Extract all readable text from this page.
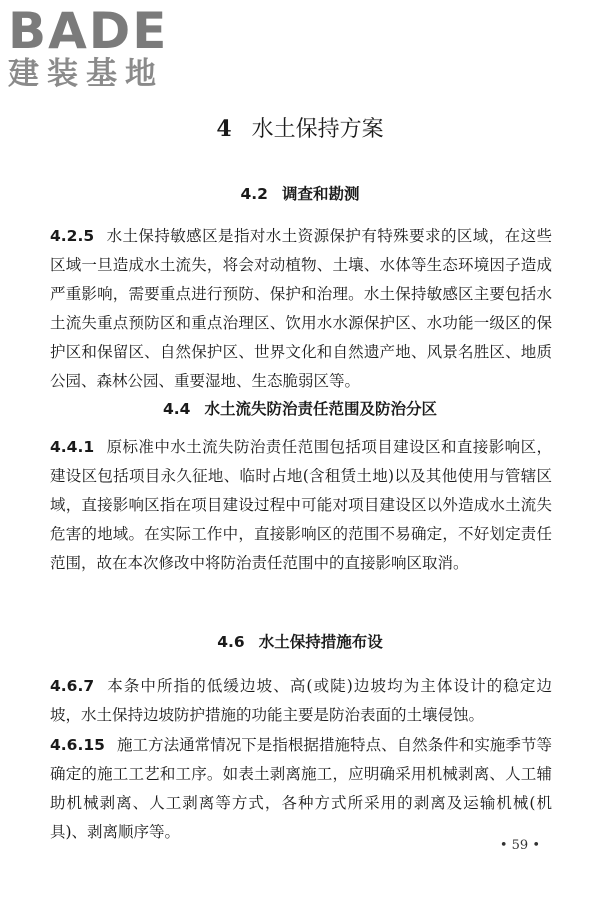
BADE
建装基地
4 水土保持方案
4.2 调查和勘测
4.2.5 水土保持敏感区是指对水土资源保护有特殊要求的区域，在这些区域一旦造成水土流失，将会对动植物、土壤、水体等生态环境因子造成严重影响，需要重点进行预防、保护和治理。水土保持敏感区主要包括水土流失重点预防区和重点治理区、饮用水水源保护区、水功能一级区的保护区和保留区、自然保护区、世界文化和自然遗产地、风景名胜区、地质公园、森林公园、重要湿地、生态脆弱区等。
4.4 水土流失防治责任范围及防治分区
4.4.1 原标准中水土流失防治责任范围包括项目建设区和直接影响区，建设区包括项目永久征地、临时占地(含租赁土地)以及其他使用与管辖区域，直接影响区指在项目建设过程中可能对项目建设区以外造成水土流失危害的地域。在实际工作中，直接影响区的范围不易确定，不好划定责任范围，故在本次修改中将防治责任范围中的直接影响区取消。
4.6 水土保持措施布设
4.6.7 本条中所指的低缓边坡、高(或陡)边坡均为主体设计的稳定边坡，水土保持边坡防护措施的功能主要是防治表面的土壤侵蚀。
4.6.15 施工方法通常情况下是指根据措施特点、自然条件和实施季节等确定的施工工艺和工序。如表土剥离施工，应明确采用机械剥离、人工辅助机械剥离、人工剥离等方式，各种方式所采用的剥离及运输机械(机具)、剥离顺序等。
• 59 •
